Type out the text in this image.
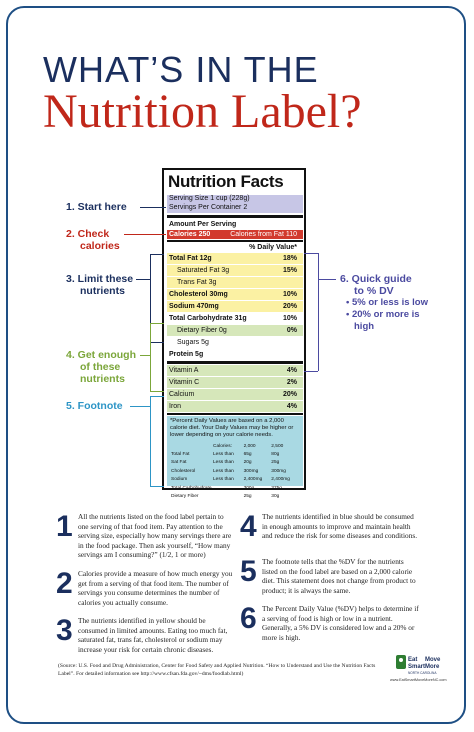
WHAT’S IN THE
Nutrition Label?
Nutrition Facts
Serving Size 1 cup (228g)
Servings Per Container 2
Amount Per Serving
Calories 250	Calories from Fat 110
% Daily Value*
Total Fat 12g	18%
Saturated Fat 3g	15%
Trans Fat 3g
Cholesterol 30mg	10%
Sodium 470mg	20%
Total Carbohydrate 31g	10%
Dietary Fiber 0g	0%
Sugars 5g
Protein 5g
Vitamin A	4%
Vitamin C	2%
Calcium	20%
Iron	4%
*Percent Daily Values are based on a 2,000 calorie diet. Your Daily Values may be higher or lower depending on your calorie needs.
	Calories:	2,000	2,500
Total Fat	Less than	65g	80g
Sat Fat	Less than	20g	25g
Cholesterol	Less than	300mg	300mg
Sodium	Less than	2,400mg	2,400mg
Total Carbohydrate		300g	375g
Dietary Fiber		25g	30g
1. Start here
2. Check
calories
3. Limit these
nutrients
4. Get enough
of these
nutrients
5. Footnote
6. Quick guide
to % DV
• 5% or less is low
• 20% or more is
high
1 All the nutrients listed on the food label pertain to one serving of that food item. Pay attention to the serving size, especially how many servings there are in the food package. Then ask yourself, “How many servings am I consuming?” (1/2, 1 or more)
2 Calories provide a measure of how much energy you get from a serving of that food item. The number of servings you consume determines the number of calories you actually consume.
3 The nutrients identified in yellow should be consumed in limited amounts. Eating too much fat, saturated fat, trans fat, cholesterol or sodium may increase your risk for certain chronic diseases.
4 The nutrients identified in blue should be consumed in enough amounts to improve and maintain health and reduce the risk for some diseases and conditions.
5 The footnote tells that the %DV for the nutrients listed on the food label are based on a 2,000 calorie diet. This statement does not change from product to product; it is always the same.
6 The Percent Daily Value (%DV) helps to determine if a serving of food is high or low in a nutrient. Generally, a 5% DV is considered low and a 20% or more is high.
(Source: U.S. Food and Drug Administration, Center for Food Safety and Applied Nutrition. “How to Understand and Use the Nutrition Facts Label”. For detailed information see http://www.cfsan.fda.gov/~dms/foodlab.html)
Eat
Smart
Move
More
NORTH CAROLINA
www.EatSmartMoveMoreNC.com
